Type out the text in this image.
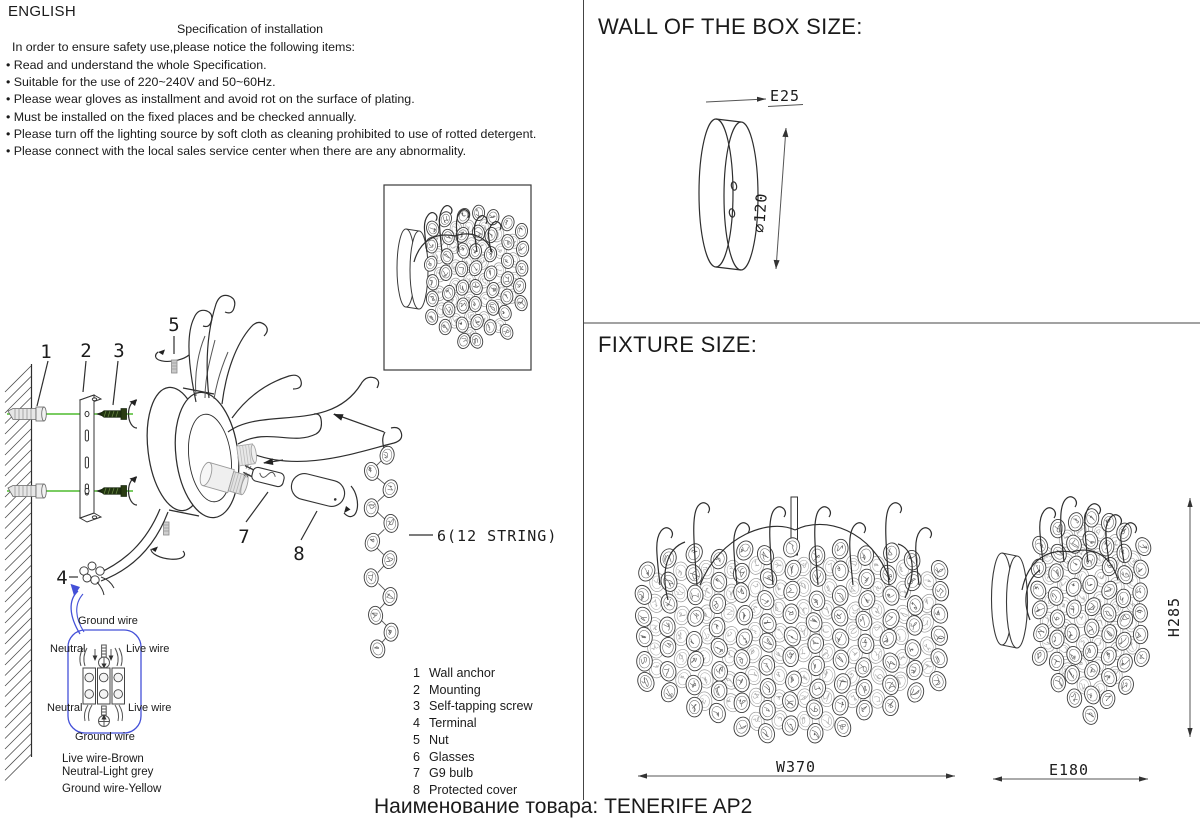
E25
∅120
1 2 3
4
5
7
8
6(12 STRING)
W370	E180
H285
ENGLISH
Specification of installation
In order to ensure safety use,please notice the following items:
• Read and understand the whole Specification.
• Suitable for the use of 220~240V and 50~60Hz.
• Please wear gloves as installment and avoid rot on the surface of plating.
• Must be installed on the fixed places and be checked annually.
• Please turn off the lighting source by soft cloth as cleaning prohibited to use of rotted detergent.
• Please connect with the local sales service center when there are any abnormality.
WALL OF THE BOX SIZE:
FIXTURE SIZE:
Ground wire
Neutral	Live wire
Neutral	Live wire
Ground wire
Live wire-Brown
Neutral-Light grey
Ground wire-Yellow
1 Wall anchor
2 Mounting
3 Self-tapping screw
4 Terminal
5 Nut
6 Glasses
7 G9 bulb
8 Protected cover
Наименование товара: TENERIFE AP2
